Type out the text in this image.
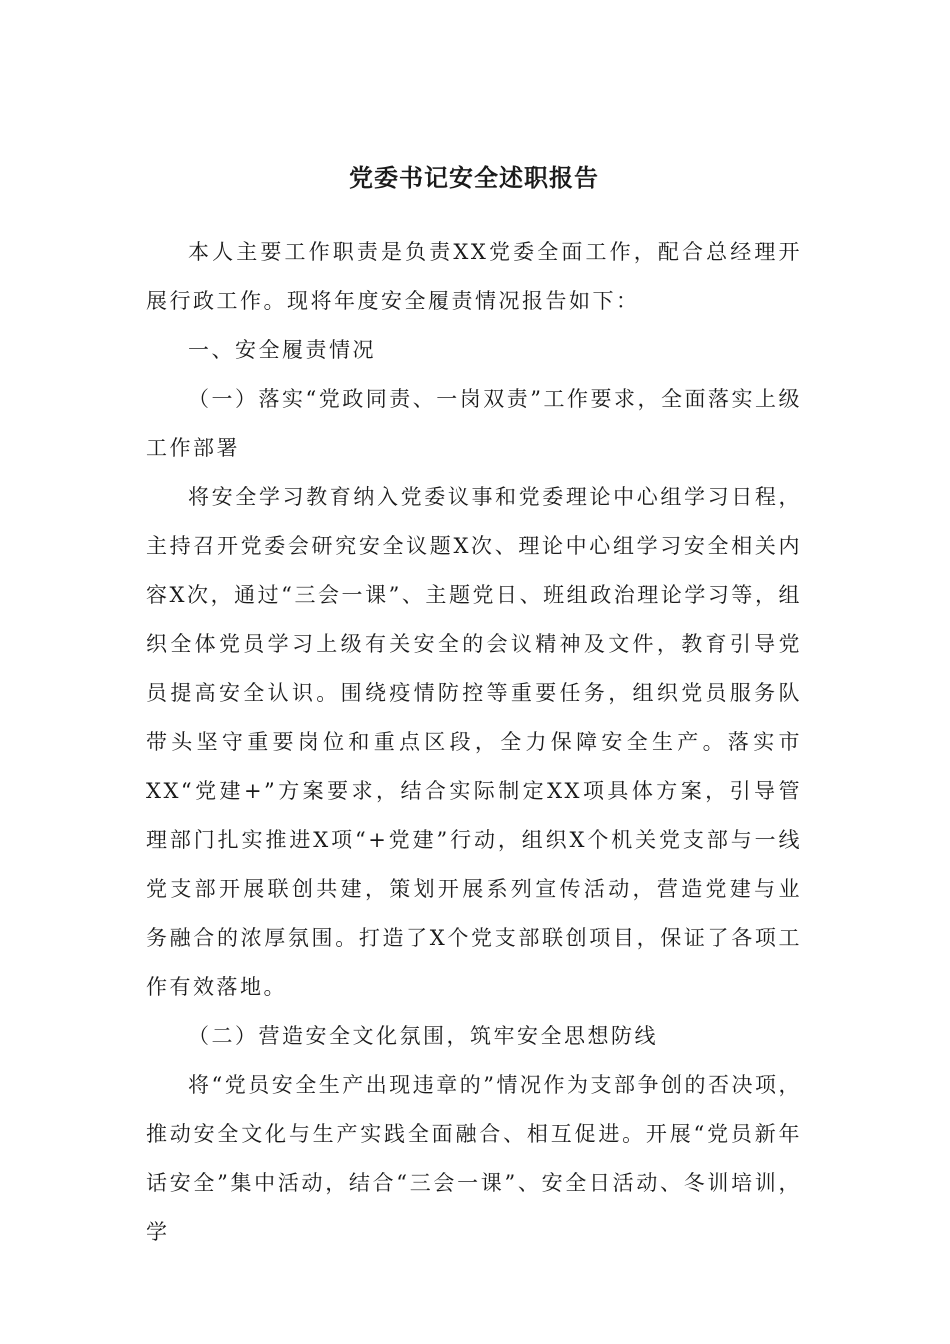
党委书记安全述职报告

本人主要工作职责是负责XX党委全面工作，配合总经理开展行政工作。现将年度安全履责情况报告如下：

一、安全履责情况

（一）落实“党政同责、一岗双责”工作要求，全面落实上级工作部署

将安全学习教育纳入党委议事和党委理论中心组学习日程，主持召开党委会研究安全议题X次、理论中心组学习安全相关内容X次，通过“三会一课”、主题党日、班组政治理论学习等，组织全体党员学习上级有关安全的会议精神及文件，教育引导党员提高安全认识。围绕疫情防控等重要任务，组织党员服务队带头坚守重要岗位和重点区段，全力保障安全生产。落实市XX“党建+”方案要求，结合实际制定XX项具体方案，引导管理部门扎实推进X项“+党建”行动，组织X个机关党支部与一线党支部开展联创共建，策划开展系列宣传活动，营造党建与业务融合的浓厚氛围。打造了X个党支部联创项目，保证了各项工作有效落地。

（二）营造安全文化氛围，筑牢安全思想防线

将“党员安全生产出现违章的”情况作为支部争创的否决项，推动安全文化与生产实践全面融合、相互促进。开展“党员新年话安全”集中活动，结合“三会一课”、安全日活动、冬训培训，学
